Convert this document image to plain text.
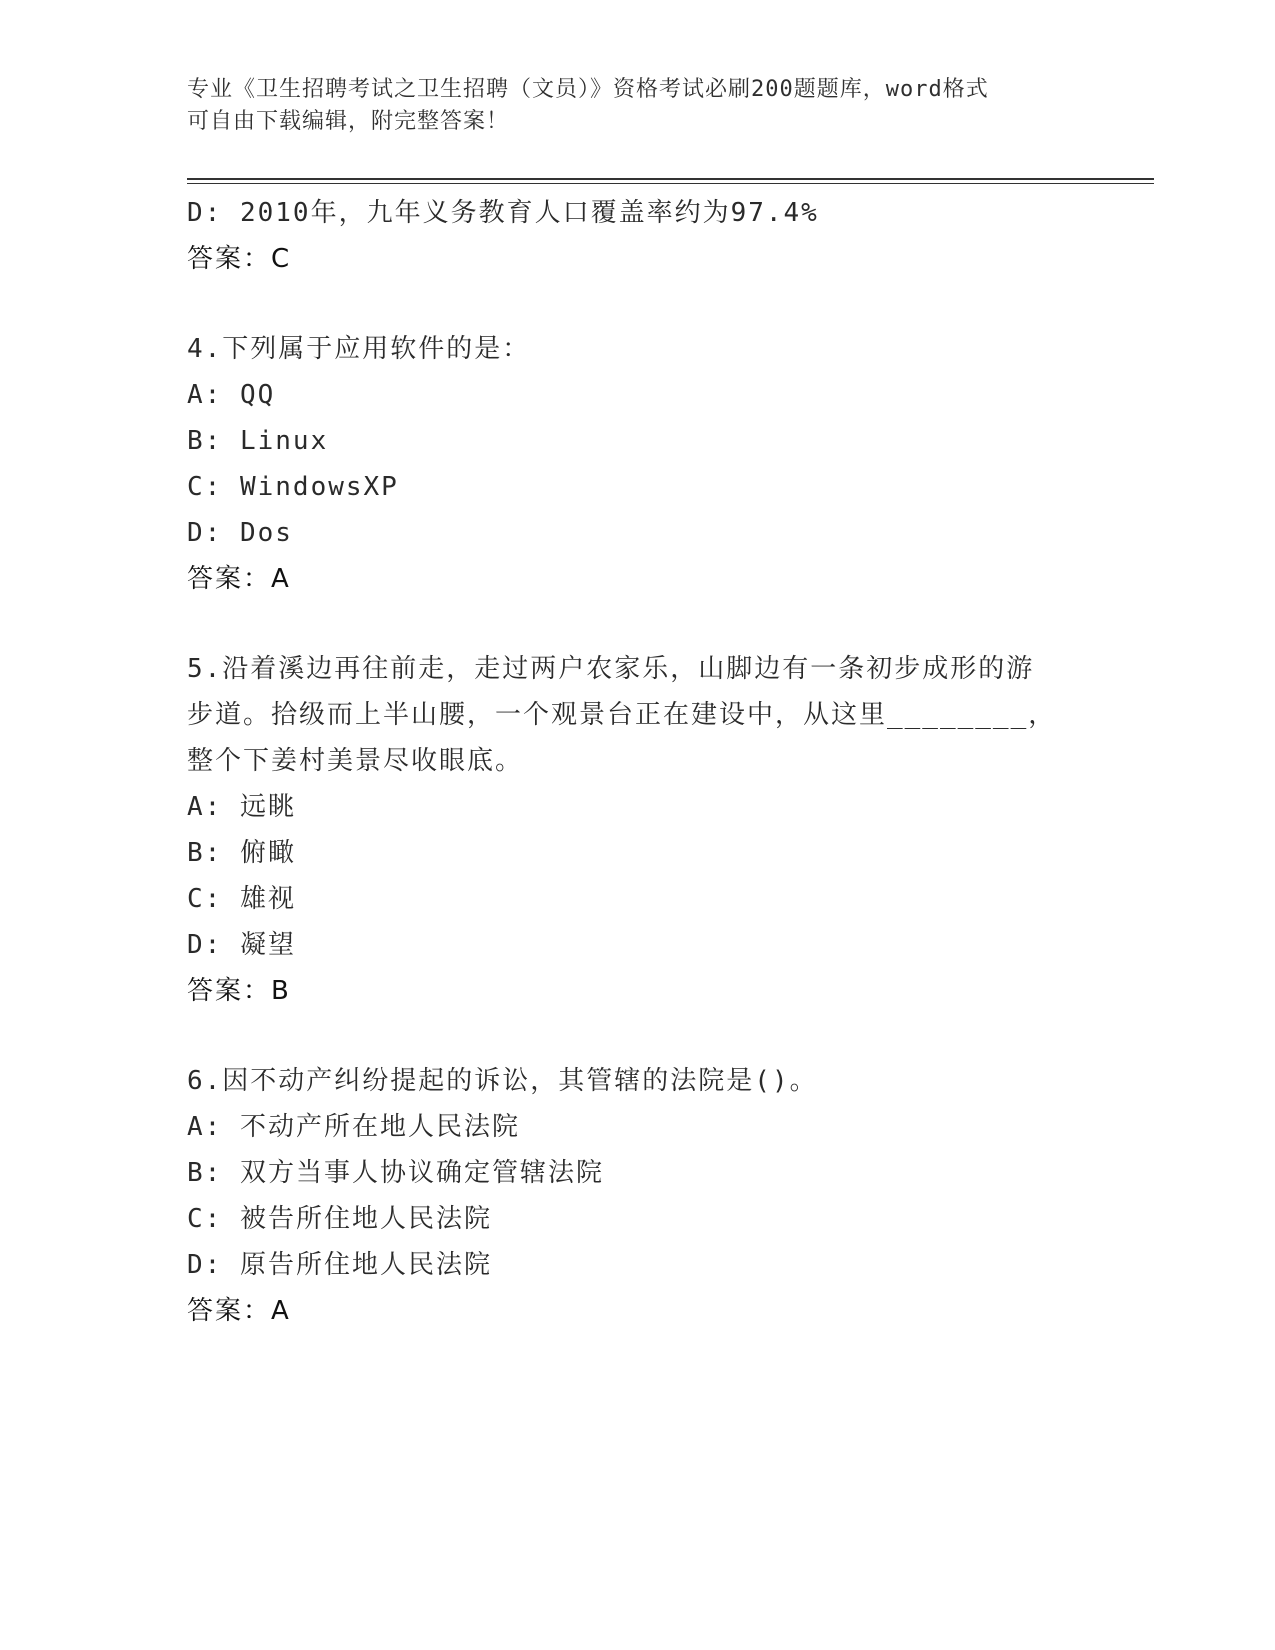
专业《卫生招聘考试之卫生招聘（文员）》资格考试必刷200题题库，word格式

可自由下载编辑，附完整答案！

D: 2010年，九年义务教育人口覆盖率约为97.4%
答案：C
4.下列属于应用软件的是：
A: QQ
B: Linux
C: WindowsXP
D: Dos
答案：A
5.沿着溪边再往前走，走过两户农家乐，山脚边有一条初步成形的游
步道。拾级而上半山腰，一个观景台正在建设中，从这里________，
整个下姜村美景尽收眼底。
A: 远眺
B: 俯瞰
C: 雄视
D: 凝望
答案：B
6.因不动产纠纷提起的诉讼，其管辖的法院是()。
A: 不动产所在地人民法院
B: 双方当事人协议确定管辖法院
C: 被告所住地人民法院
D: 原告所住地人民法院
答案：A
